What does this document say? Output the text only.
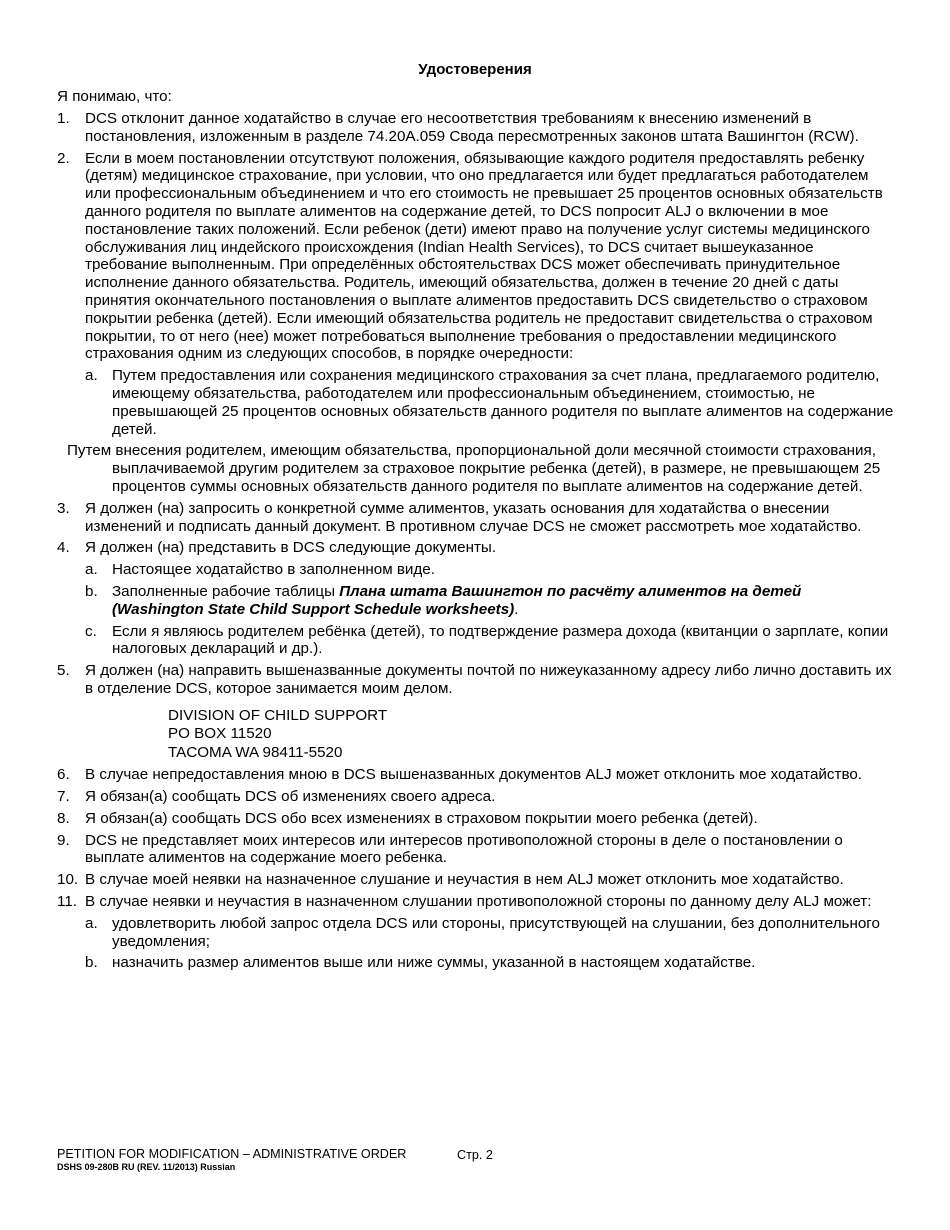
Удостоверения
Я понимаю, что:
1. DCS отклонит данное ходатайство в случае его несоответствия требованиям к внесению изменений в постановления, изложенным в разделе 74.20A.059 Свода пересмотренных законов штата Вашингтон (RCW).
2. Если в моем постановлении отсутствуют положения, обязывающие каждого родителя предоставлять ребенку (детям) медицинское страхование, при условии, что оно предлагается или будет предлагаться работодателем или профессиональным объединением и что его стоимость не превышает 25 процентов основных обязательств данного родителя по выплате алиментов на содержание детей, то DCS попросит ALJ о включении в мое постановление таких положений. Если ребенок (дети) имеют право на получение услуг системы медицинского обслуживания лиц индейского происхождения (Indian Health Services), то DCS считает вышеуказанное требование выполненным. При определённых обстоятельствах DCS может обеспечивать принудительное исполнение данного обязательства. Родитель, имеющий обязательства, должен в течение 20 дней с даты принятия окончательного постановления о выплате алиментов предоставить DCS свидетельство о страховом покрытии ребенка (детей). Если имеющий обязательства родитель не предоставит свидетельства о страховом покрытии, то от него (нее) может потребоваться выполнение требования о предоставлении медицинского страхования одним из следующих способов, в порядке очередности:
a. Путем предоставления или сохранения медицинского страхования за счет плана, предлагаемого родителю, имеющему обязательства, работодателем или профессиональным объединением, стоимостью, не превышающей 25 процентов основных обязательств данного родителя по выплате алиментов на содержание детей.
Путем внесения родителем, имеющим обязательства, пропорциональной доли месячной стоимости страхования, выплачиваемой другим родителем за страховое покрытие ребенка (детей), в размере, не превышающем 25 процентов суммы основных обязательств данного родителя по выплате алиментов на содержание детей.
3. Я должен (на) запросить о конкретной сумме алиментов, указать основания для ходатайства о внесении изменений и подписать данный документ. В противном случае DCS не сможет рассмотреть мое ходатайство.
4. Я должен (на) представить в DCS следующие документы.
a. Настоящее ходатайство в заполненном виде.
b. Заполненные рабочие таблицы Плана штата Вашингтон по расчёту алиментов на детей (Washington State Child Support Schedule worksheets).
c. Если я являюсь родителем ребёнка (детей), то подтверждение размера дохода (квитанции о зарплате, копии налоговых деклараций и др.).
5. Я должен (на) направить вышеназванные документы почтой по нижеуказанному адресу либо лично доставить их в отделение DCS, которое занимается моим делом.
DIVISION OF CHILD SUPPORT
PO BOX 11520
TACOMA WA 98411-5520
6. В случае непредоставления мною в DCS вышеназванных документов ALJ может отклонить мое ходатайство.
7. Я обязан(а) сообщать DCS об изменениях своего адреса.
8. Я обязан(а) сообщать DCS обо всех изменениях в страховом покрытии моего ребенка (детей).
9. DCS не представляет моих интересов или интересов противоположной стороны в деле о постановлении о выплате алиментов на содержание моего ребенка.
10. В случае моей неявки на назначенное слушание и неучастия в нем ALJ может отклонить мое ходатайство.
11. В случае неявки и неучастия в назначенном слушании противоположной стороны по данному делу ALJ может:
a. удовлетворить любой запрос отдела DCS или стороны, присутствующей на слушании, без дополнительного уведомления;
b. назначить размер алиментов выше или ниже суммы, указанной в настоящем ходатайстве.
PETITION FOR MODIFICATION – ADMINISTRATIVE ORDER	Стр. 2
DSHS 09-280B RU (REV. 11/2013) Russian
